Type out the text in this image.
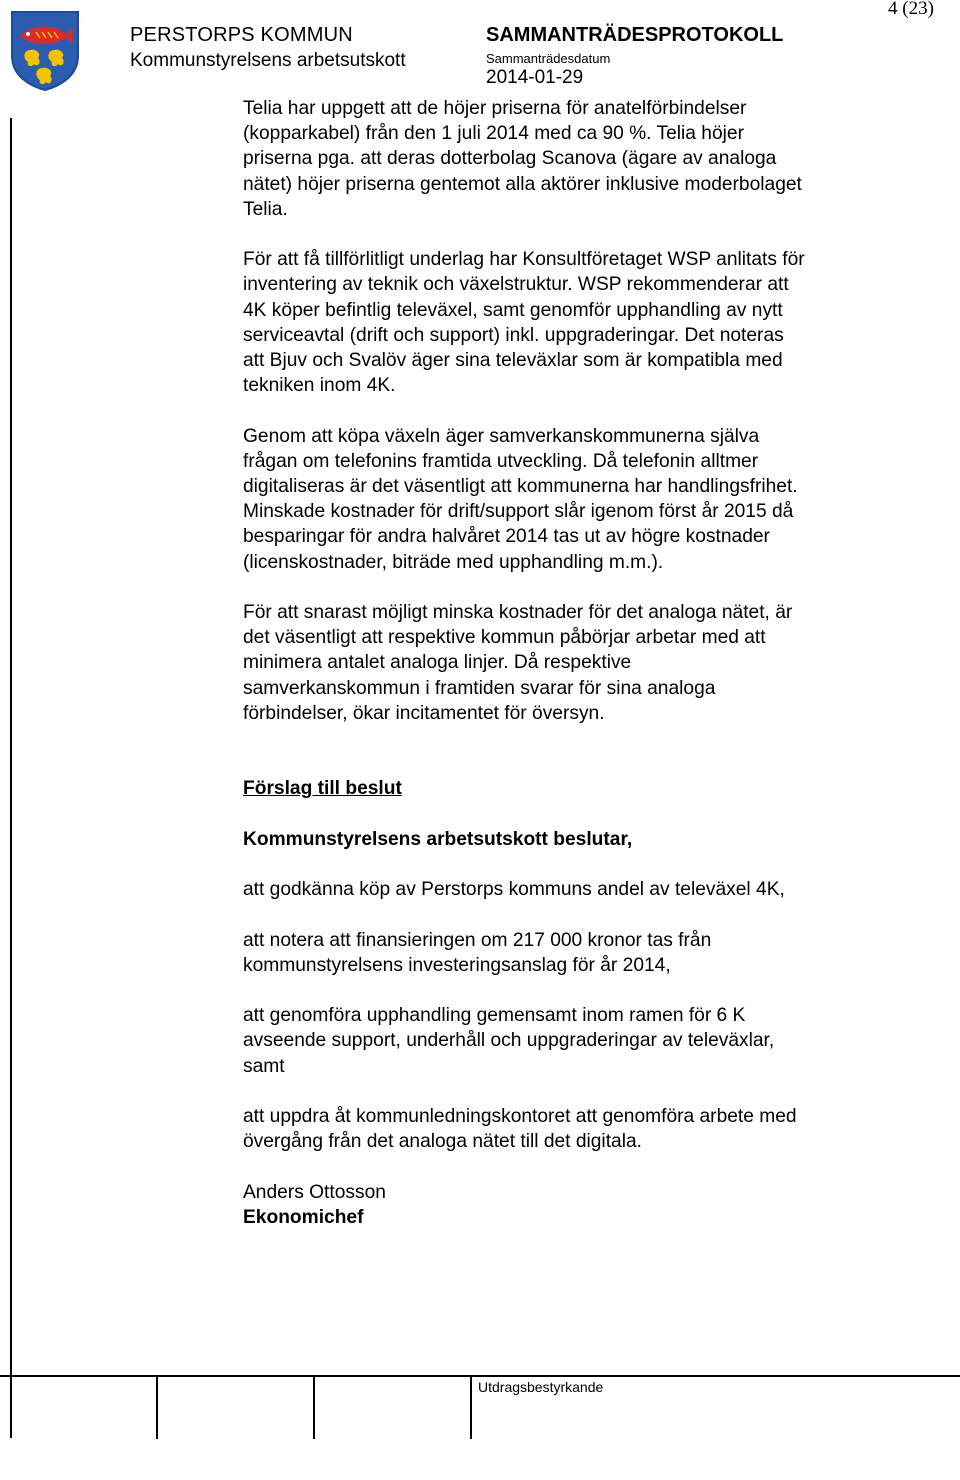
PERSTORPS KOMMUN
Kommunstyrelsens arbetsutskott
SAMMANTRÄDESPROTOKOLL
Sammanträdesdatum
2014-01-29
4 (23)
Utdragsbestyrkande

Telia har uppgett att de höjer priserna för anatelförbindelser
(kopparkabel) från den 1 juli 2014 med ca 90 %. Telia höjer
priserna pga. att deras dotterbolag Scanova (ägare av analoga
nätet) höjer priserna gentemot alla aktörer inklusive moderbolaget
Telia.

För att få tillförlitligt underlag har Konsultföretaget WSP anlitats för
inventering av teknik och växelstruktur. WSP rekommenderar att
4K köper befintlig televäxel, samt genomför upphandling av nytt
serviceavtal (drift och support) inkl. uppgraderingar. Det noteras
att Bjuv och Svalöv äger sina televäxlar som är kompatibla med
tekniken inom 4K.

Genom att köpa växeln äger samverkanskommunerna själva
frågan om telefonins framtida utveckling. Då telefonin alltmer
digitaliseras är det väsentligt att kommunerna har handlingsfrihet.
Minskade kostnader för drift/support slår igenom först år 2015 då
besparingar för andra halvåret 2014 tas ut av högre kostnader
(licenskostnader, biträde med upphandling m.m.).

För att snarast möjligt minska kostnader för det analoga nätet, är
det väsentligt att respektive kommun påbörjar arbetar med att
minimera antalet analoga linjer. Då respektive
samverkanskommun i framtiden svarar för sina analoga
förbindelser, ökar incitamentet för översyn.

Förslag till beslut

Kommunstyrelsens arbetsutskott beslutar,

att godkänna köp av Perstorps kommuns andel av televäxel 4K,

att notera att finansieringen om 217 000 kronor tas från
kommunstyrelsens investeringsanslag för år 2014,

att genomföra upphandling gemensamt inom ramen för 6 K
avseende support, underhåll och uppgraderingar av televäxlar,
samt

att uppdra åt kommunledningskontoret att genomföra arbete med
övergång från det analoga nätet till det digitala.

Anders Ottosson

Ekonomichef
